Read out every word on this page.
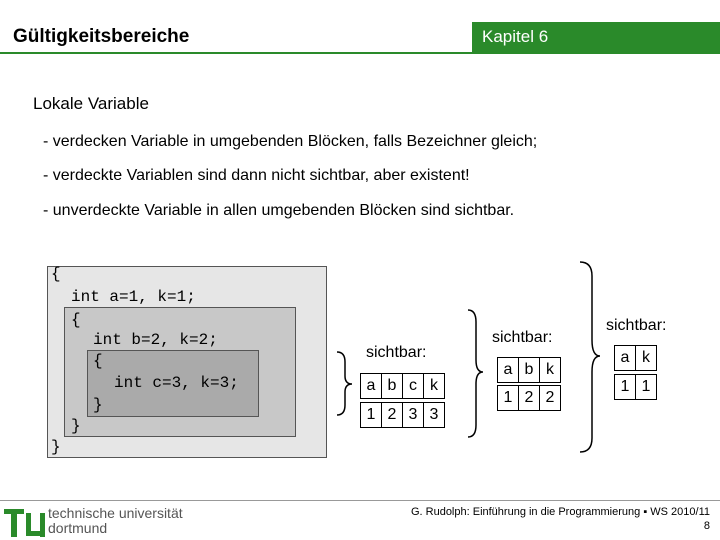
Gültigkeitsbereiche	Kapitel 6
Lokale Variable
- verdecken Variable in umgebenden Blöcken, falls Bezeichner gleich;
- verdeckte Variablen sind dann nicht sichtbar, aber existent!
- unverdeckte Variable in allen umgebenden Blöcken sind sichtbar.
{
int a=1, k=1;
{
int b=2, k=2;
{
int c=3, k=3;
}
}
}
sichtbar:
a b c k
1 2 3 3
sichtbar:
a b k
1 2 2
sichtbar:
a k
1 1
technische universität
dortmund
G. Rudolph: Einführung in die Programmierung ▪ WS 2010/11
8
